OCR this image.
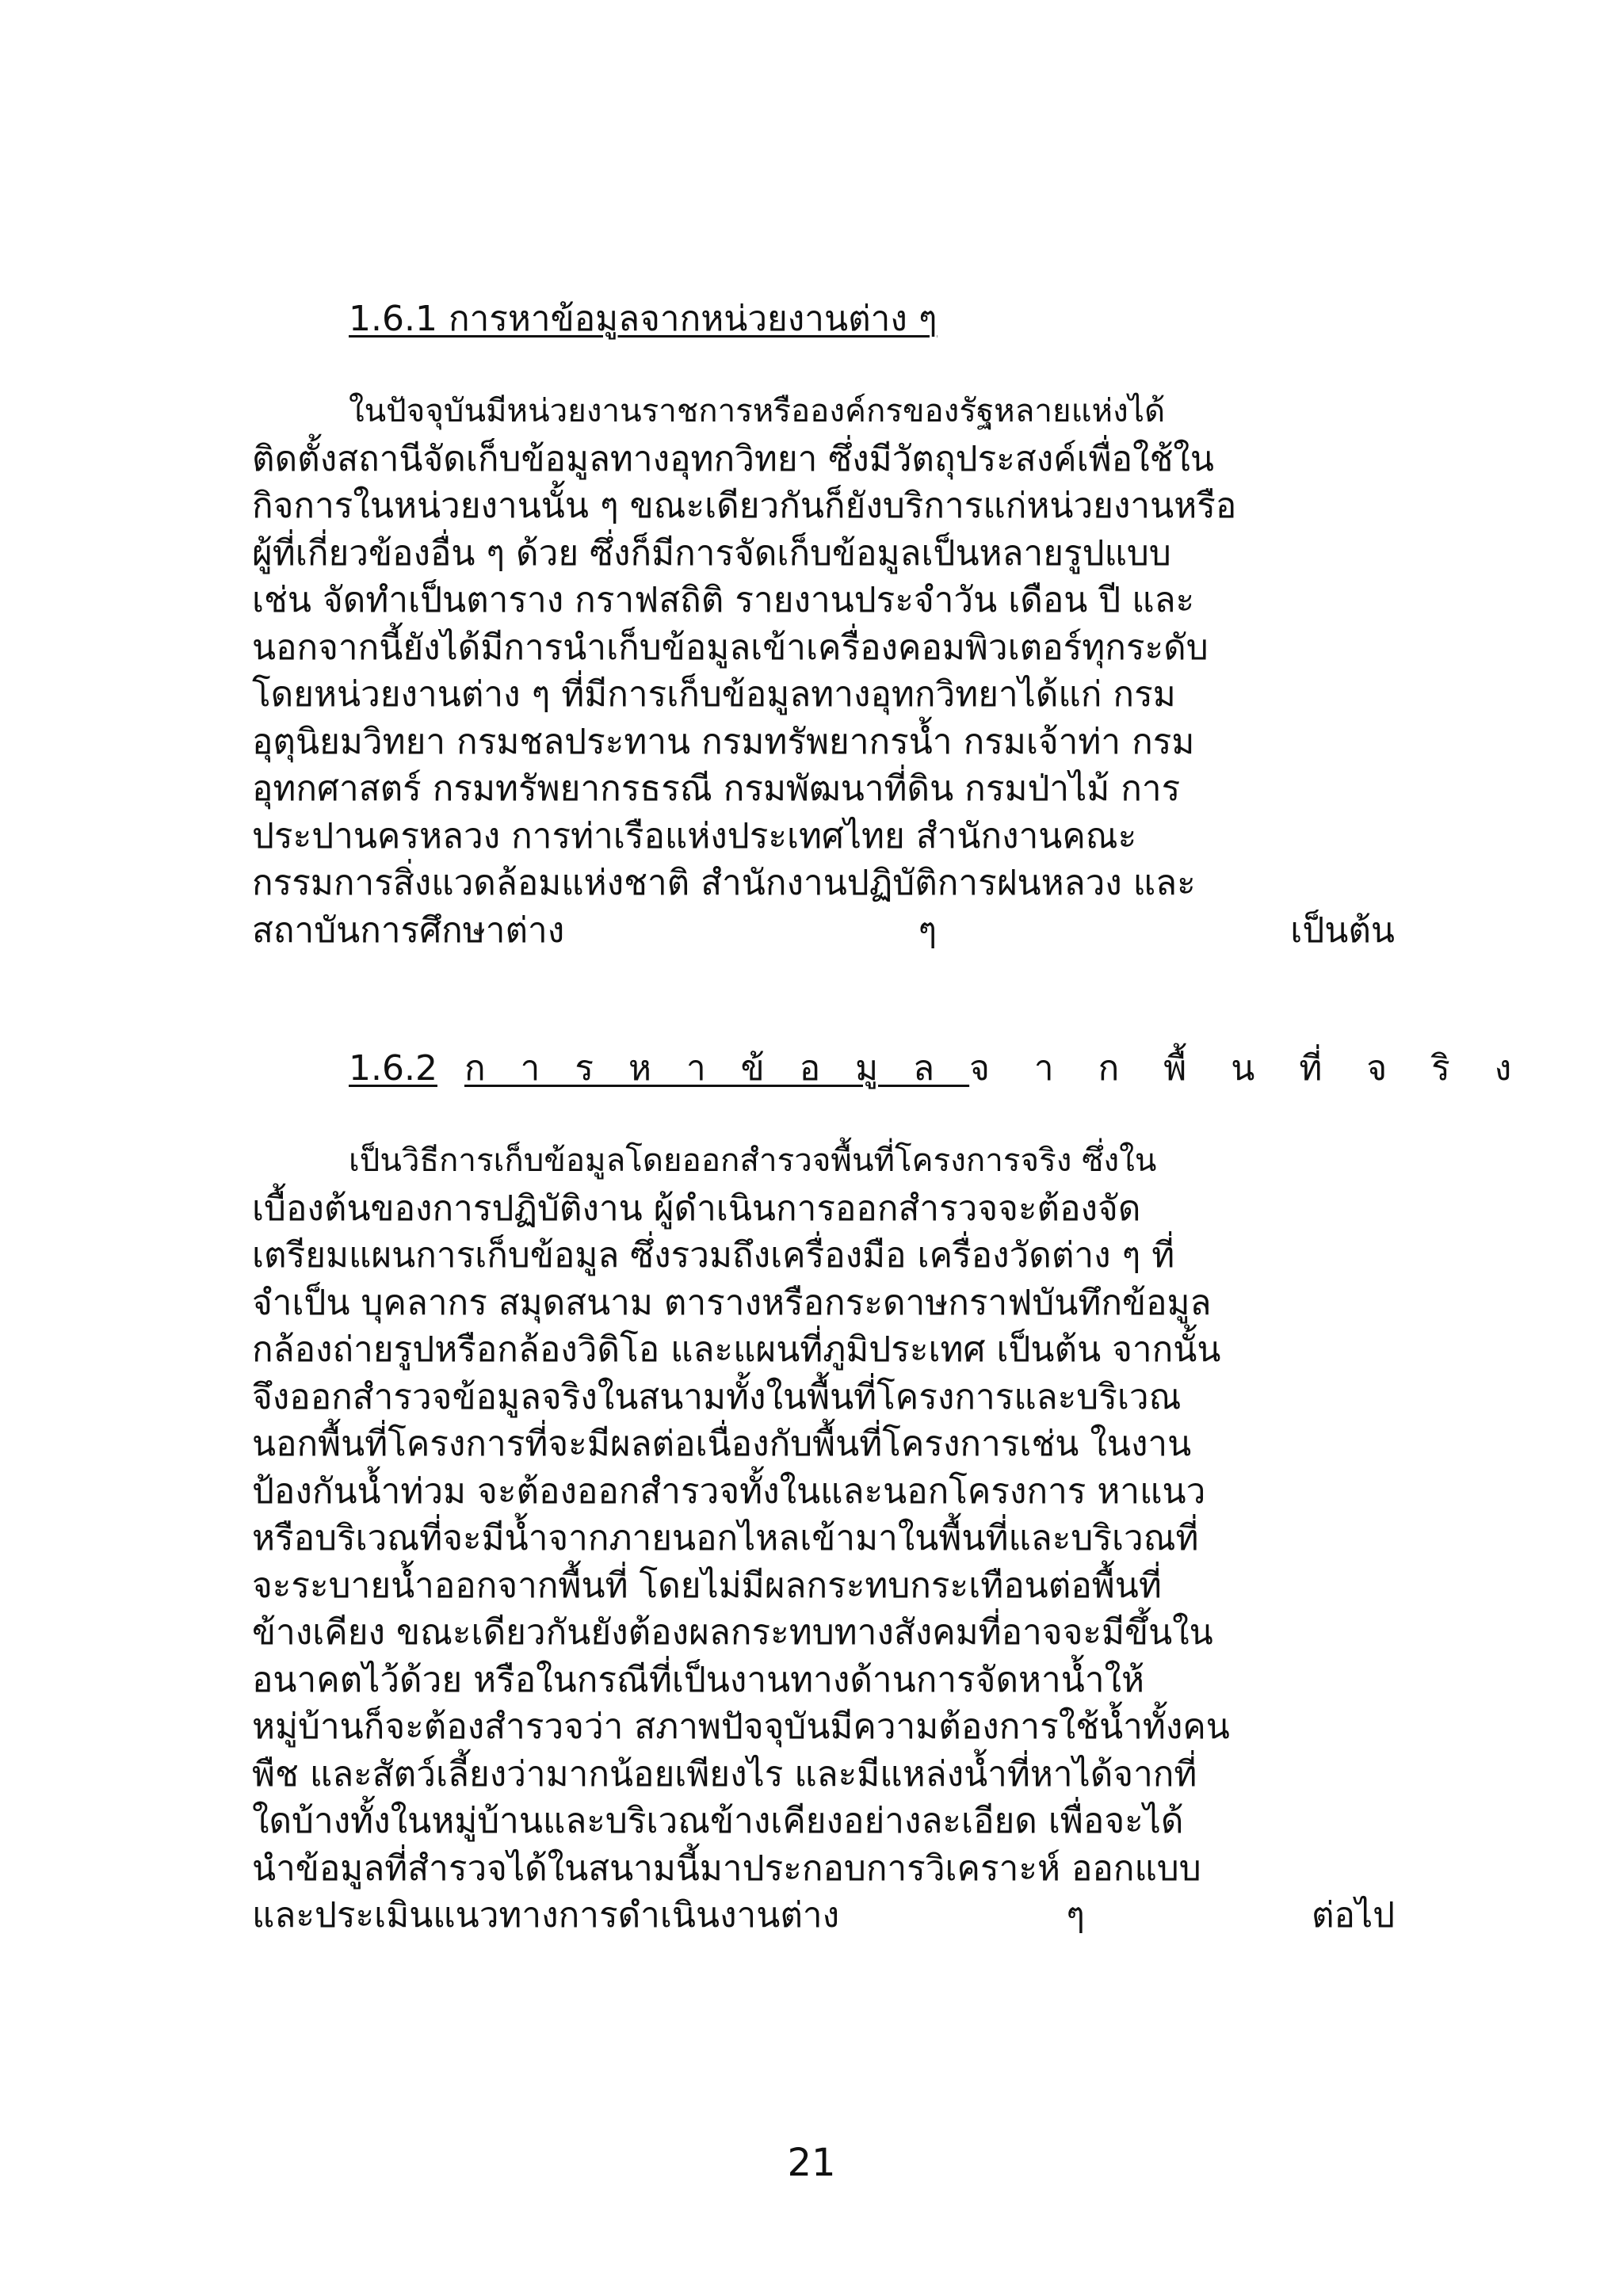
1.6.1 การหาข้อมูลจากหน่วยงานต่าง ๆ
ในปัจจุบันมีหน่วยงานราชการหรือองค์กรของรัฐหลายแห่งได้
ติดตั้งสถานีจัดเก็บข้อมูลทางอุทกวิทยา ซึ่งมีวัตถุประสงค์เพื่อใช้ใน
กิจการในหน่วยงานนั้น ๆ ขณะเดียวกันก็ยังบริการแก่หน่วยงานหรือ
ผู้ที่เกี่ยวข้องอื่น ๆ ด้วย ซึ่งก็มีการจัดเก็บข้อมูลเป็นหลายรูปแบบ
เช่น จัดทำเป็นตาราง กราฟสถิติ รายงานประจำวัน เดือน ปี และ
นอกจากนี้ยังได้มีการนำเก็บข้อมูลเข้าเครื่องคอมพิวเตอร์ทุกระดับ
โดยหน่วยงานต่าง ๆ ที่มีการเก็บข้อมูลทางอุทกวิทยาได้แก่ กรม
อุตุนิยมวิทยา กรมชลประทาน กรมทรัพยากรน้ำ กรมเจ้าท่า กรม
อุทกศาสตร์ กรมทรัพยากรธรณี กรมพัฒนาที่ดิน กรมป่าไม้ การ
ประปานครหลวง การท่าเรือแห่งประเทศไทย สำนักงานคณะ
กรรมการสิ่งแวดล้อมแห่งชาติ สำนักงานปฏิบัติการฝนหลวง และ
สถาบันการศึกษาต่าง	ๆ	เป็นต้น
1.6.2 การหาข้อมูล จากพื้นที่จริง
เป็นวิธีการเก็บข้อมูลโดยออกสำรวจพื้นที่โครงการจริง ซึ่งใน
เบื้องต้นของการปฏิบัติงาน ผู้ดำเนินการออกสำรวจจะต้องจัด
เตรียมแผนการเก็บข้อมูล ซึ่งรวมถึงเครื่องมือ เครื่องวัดต่าง ๆ ที่
จำเป็น บุคลากร สมุดสนาม ตารางหรือกระดาษกราฟบันทึกข้อมูล
กล้องถ่ายรูปหรือกล้องวิดิโอ และแผนที่ภูมิประเทศ เป็นต้น จากนั้น
จึงออกสำรวจข้อมูลจริงในสนามทั้งในพื้นที่โครงการและบริเวณ
นอกพื้นที่โครงการที่จะมีผลต่อเนื่องกับพื้นที่โครงการเช่น ในงาน
ป้องกันน้ำท่วม จะต้องออกสำรวจทั้งในและนอกโครงการ หาแนว
หรือบริเวณที่จะมีน้ำจากภายนอกไหลเข้ามาในพื้นที่และบริเวณที่
จะระบายน้ำออกจากพื้นที่ โดยไม่มีผลกระทบกระเทือนต่อพื้นที่
ข้างเคียง ขณะเดียวกันยังต้องผลกระทบทางสังคมที่อาจจะมีขึ้นใน
อนาคตไว้ด้วย หรือในกรณีที่เป็นงานทางด้านการจัดหาน้ำให้
หมู่บ้านก็จะต้องสำรวจว่า สภาพปัจจุบันมีความต้องการใช้น้ำทั้งคน
พืช และสัตว์เลี้ยงว่ามากน้อยเพียงไร และมีแหล่งน้ำที่หาได้จากที่
ใดบ้างทั้งในหมู่บ้านและบริเวณข้างเคียงอย่างละเอียด เพื่อจะได้
นำข้อมูลที่สำรวจได้ในสนามนี้มาประกอบการวิเคราะห์ ออกแบบ
และประเมินแนวทางการดำเนินงานต่าง	ๆ	ต่อไป
21
